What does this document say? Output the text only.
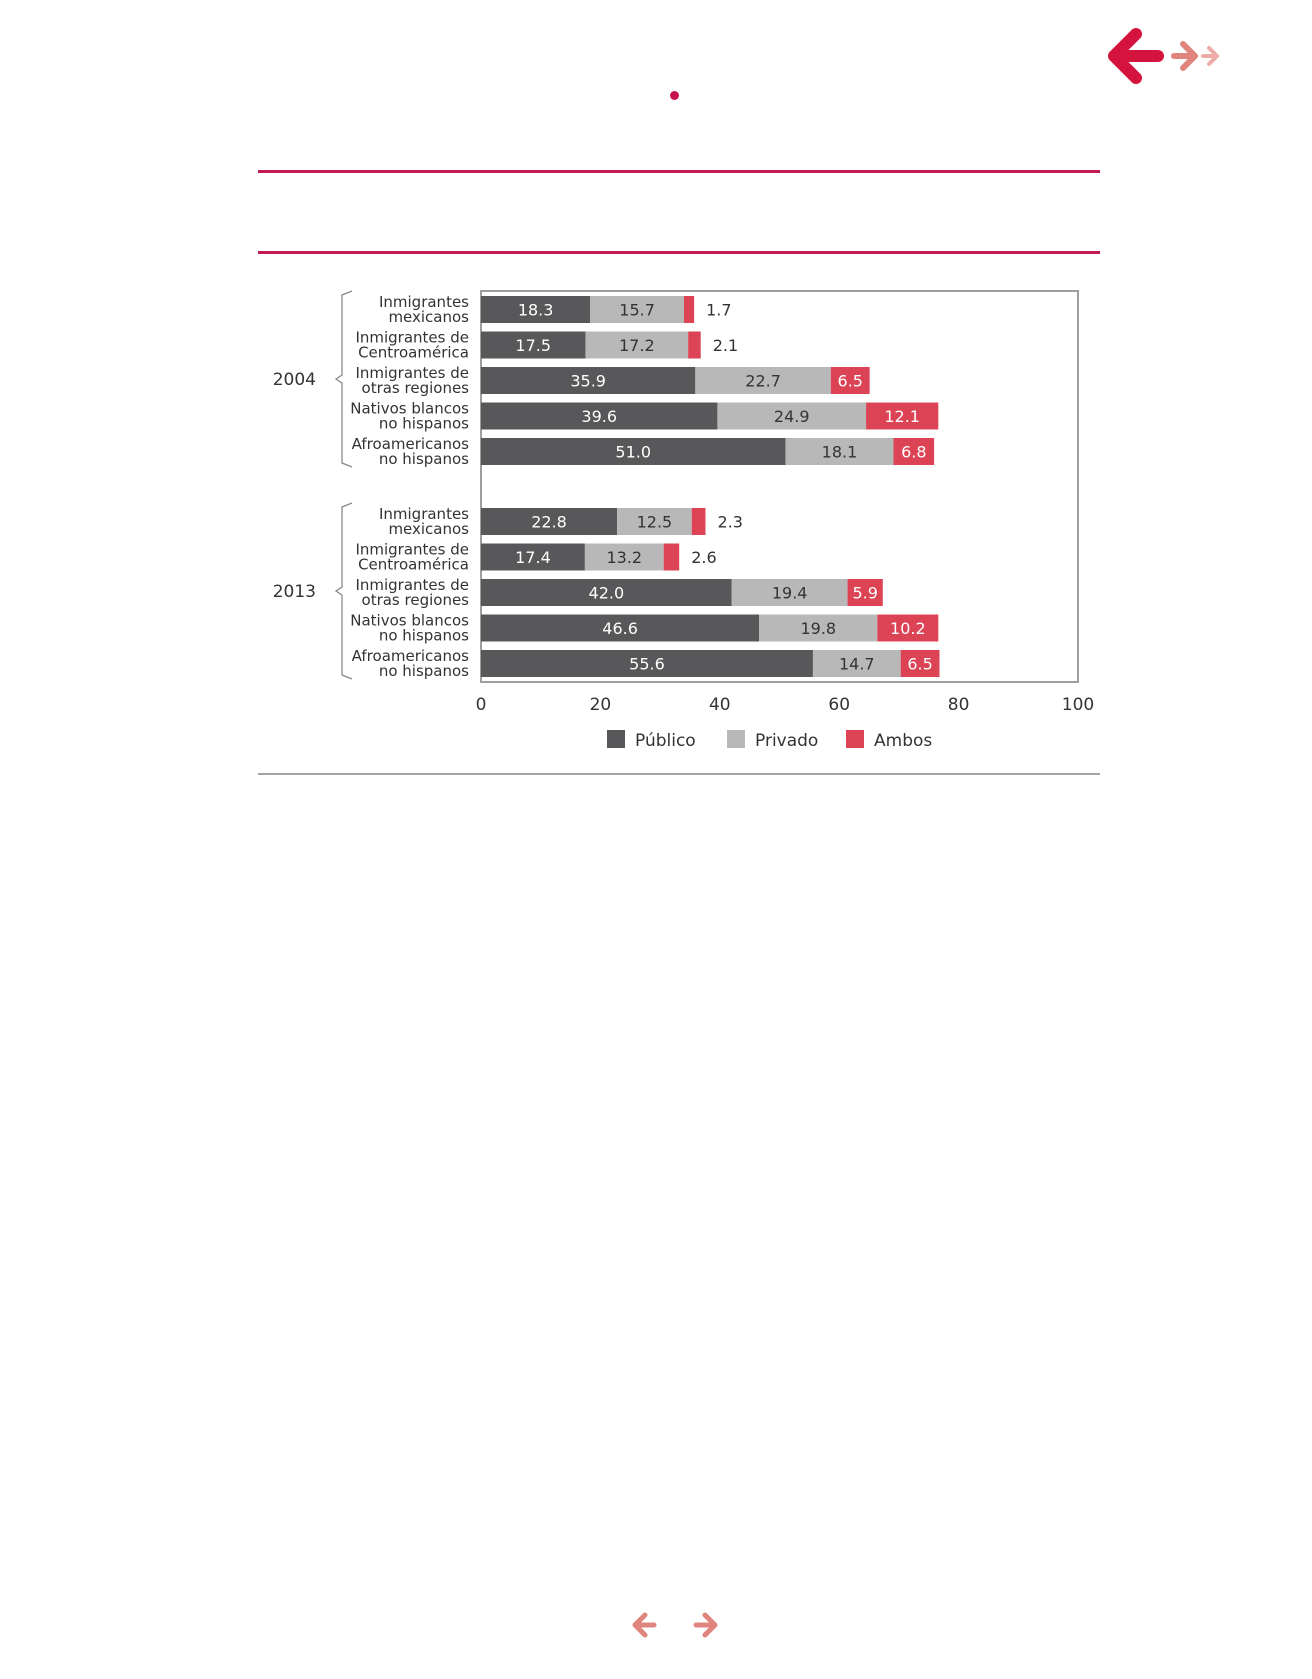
2004
Inmigrantes
mexicanos	18.3	15.7	1.7
Inmigrantes de
Centroamérica	17.5	17.2	2.1
Inmigrantes de
otras regiones	35.9	22.7	6.5
Nativos blancos
no hispanos	39.6	24.9	12.1
Afroamericanos
no hispanos	51.0	18.1	6.8
2013
Inmigrantes
mexicanos	22.8	12.5	2.3
Inmigrantes de
Centroamérica	17.4	13.2	2.6
Inmigrantes de
otras regiones	42.0	19.4	5.9
Nativos blancos
no hispanos	46.6	19.8	10.2
Afroamericanos
no hispanos	55.6	14.7 6.5
0	20	40	60	80	100
Público	Privado	Ambos
